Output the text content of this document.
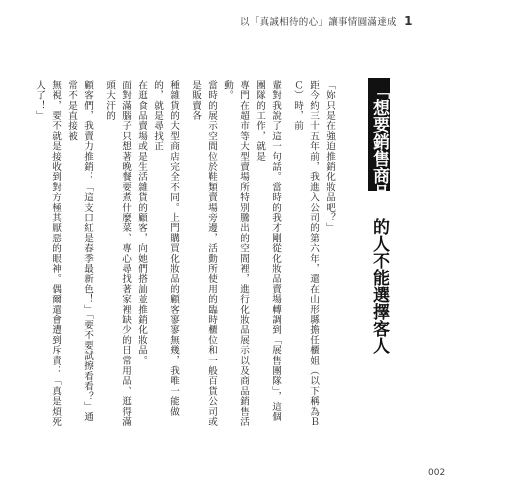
以「真誠相待的心」讓事情圓滿達成 1
「想要銷售商品」的人不能選擇客人

「妳只是在強迫推銷化妝品吧？」

距今約三十五年前，我進入公司的第六年，還在山形縣擔任櫃姐（以下稱為ＢＣ）時，前

輩對我說了這一句話。當時的我才剛從化妝品賣場轉調到「展售團隊」，這個團隊的工作，就是

專門在超市等大型賣場所特別騰出的空間裡，進行化妝品展示以及商品銷售活動。

當時的展示空間位於鞋類賣場旁邊，活動所使用的臨時櫃位和一般百貨公司或是販賣各

種雜貨的大型商店完全不同。上門購買化妝品的顧客寥寥無幾，我唯一能做的，就是尋找正

在逛食品賣場或是生活雜貨的顧客，向她們搭訕並推銷化妝品。

面對滿腦子只想著晚餐要煮什麼菜、專心尋找著家裡缺少的日常用品、逛得滿頭大汗的

顧客們，我賣力推銷：「這支口紅是春季最新色！」「要不要試擦看看？」通常不是直接被

無視，要不就是接收到對方極其厭惡的眼神。偶爾還會遭到斥責：「真是煩死人了！」

002
